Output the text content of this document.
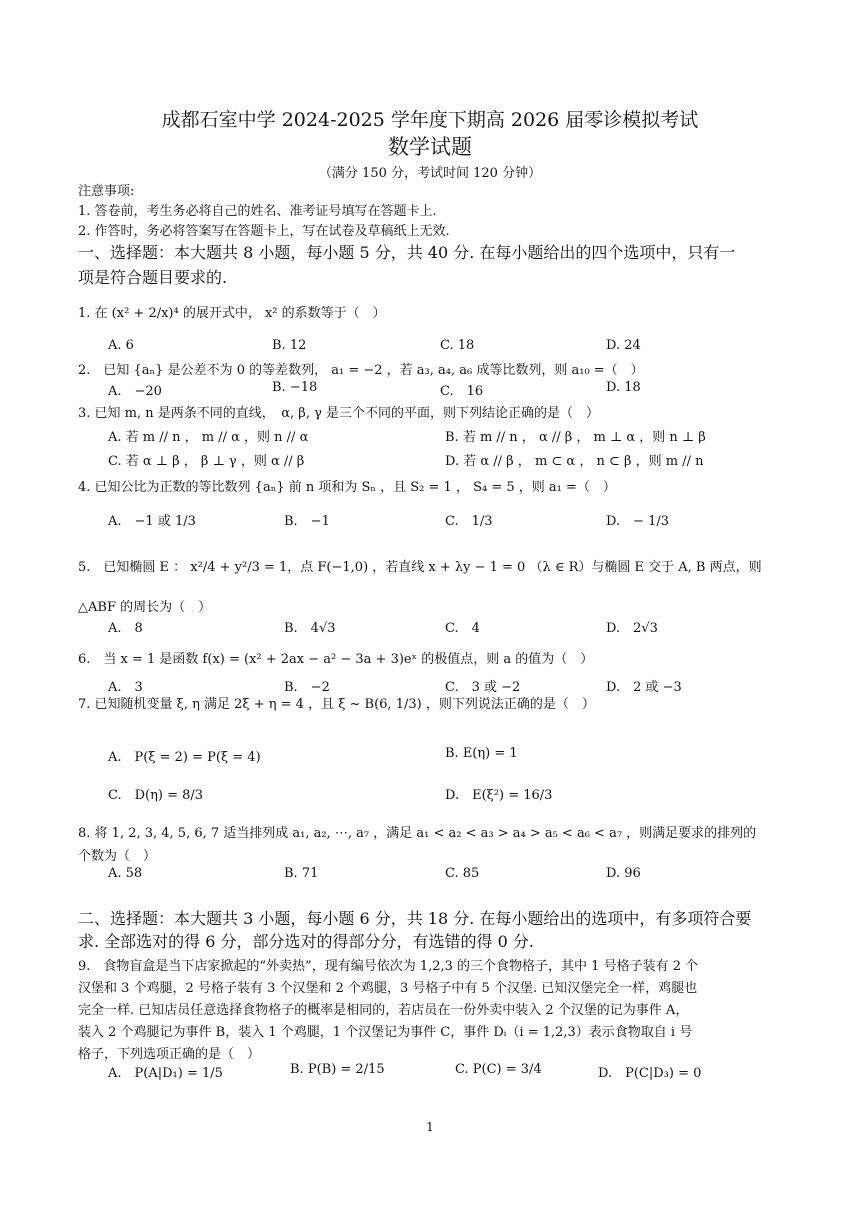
成都石室中学 2024-2025 学年度下期高 2026 届零诊模拟考试
数学试题
（满分 150 分，考试时间 120 分钟）
注意事项:
1. 答卷前，考生务必将自己的姓名、准考证号填写在答题卡上.
2. 作答时，务必将答案写在答题卡上，写在试卷及草稿纸上无效.
一、选择题：本大题共 8 小题，每小题 5 分，共 40 分. 在每小题给出的四个选项中，只有一
项是符合题目要求的.
1. 在 (x² + 2/x)⁴ 的展开式中， x² 的系数等于（　）
A. 6	B. 12	C. 18	D. 24
2.　已知 {aₙ} 是公差不为 0 的等差数列， a₁ = −2 ，若 a₃, a₄, a₆ 成等比数列，则 a₁₀ =（　）
A.　−20	B. −18	C.　16	D. 18
3. 已知 m, n 是两条不同的直线，　α, β, γ 是三个不同的平面，则下列结论正确的是（　）
A. 若 m // n ， m // α ，则 n // α	B. 若 m // n ， α // β ， m ⊥ α ，则 n ⊥ β
C. 若 α ⊥ β ， β ⊥ γ ，则 α // β	D. 若 α // β ， m ⊂ α ， n ⊂ β ，则 m // n
4. 已知公比为正数的等比数列 {aₙ} 前 n 项和为 Sₙ ，且 S₂ = 1 ， S₄ = 5 ，则 a₁ =（　）
A.　−1 或 1/3	B.　−1	C.　1/3	D.　− 1/3
5.　已知椭圆 E ： x²/4 + y²/3 = 1，点 F(−1,0) ，若直线 x + λy − 1 = 0 （λ ∈ R）与椭圆 E 交于 A, B 两点，则
△ABF 的周长为（　）
A.　8	B.　4√3	C.　4	D.　2√3
6.　当 x = 1 是函数 f(x) = (x² + 2ax − a² − 3a + 3)eˣ 的极值点，则 a 的值为（　）
A.　3	B.　−2	C.　3 或 −2	D.　2 或 −3
7. 已知随机变量 ξ, η 满足 2ξ + η = 4 ，且 ξ ~ B(6, 1/3) ，则下列说法正确的是（　）
A.　P(ξ = 2) = P(ξ = 4)	B. E(η) = 1
C.　D(η) = 8/3	D.　E(ξ²) = 16/3
8. 将 1, 2, 3, 4, 5, 6, 7 适当排列成 a₁, a₂, ⋯, a₇ ，满足 a₁ < a₂ < a₃ > a₄ > a₅ < a₆ < a₇ ，则满足要求的排列的
个数为（　）
A. 58	B. 71	C. 85	D. 96
二、选择题：本大题共 3 小题，每小题 6 分，共 18 分. 在每小题给出的选项中，有多项符合要
求. 全部选对的得 6 分，部分选对的得部分分，有选错的得 0 分.
9.　食物盲盒是当下店家掀起的“外卖热”，现有编号依次为 1,2,3 的三个食物格子，其中 1 号格子装有 2 个
汉堡和 3 个鸡腿，2 号格子装有 3 个汉堡和 2 个鸡腿，3 号格子中有 5 个汉堡. 已知汉堡完全一样，鸡腿也
完全一样. 已知店员任意选择食物格子的概率是相同的，若店员在一份外卖中装入 2 个汉堡的记为事件 A，
装入 2 个鸡腿记为事件 B，装入 1 个鸡腿，1 个汉堡记为事件 C，事件 Dᵢ（i = 1,2,3）表示食物取自 i 号
格子，下列选项正确的是（　）
A.　P(A|D₁) = 1/5	B. P(B) = 2/15	C. P(C) = 3/4	D.　P(C|D₃) = 0
1
